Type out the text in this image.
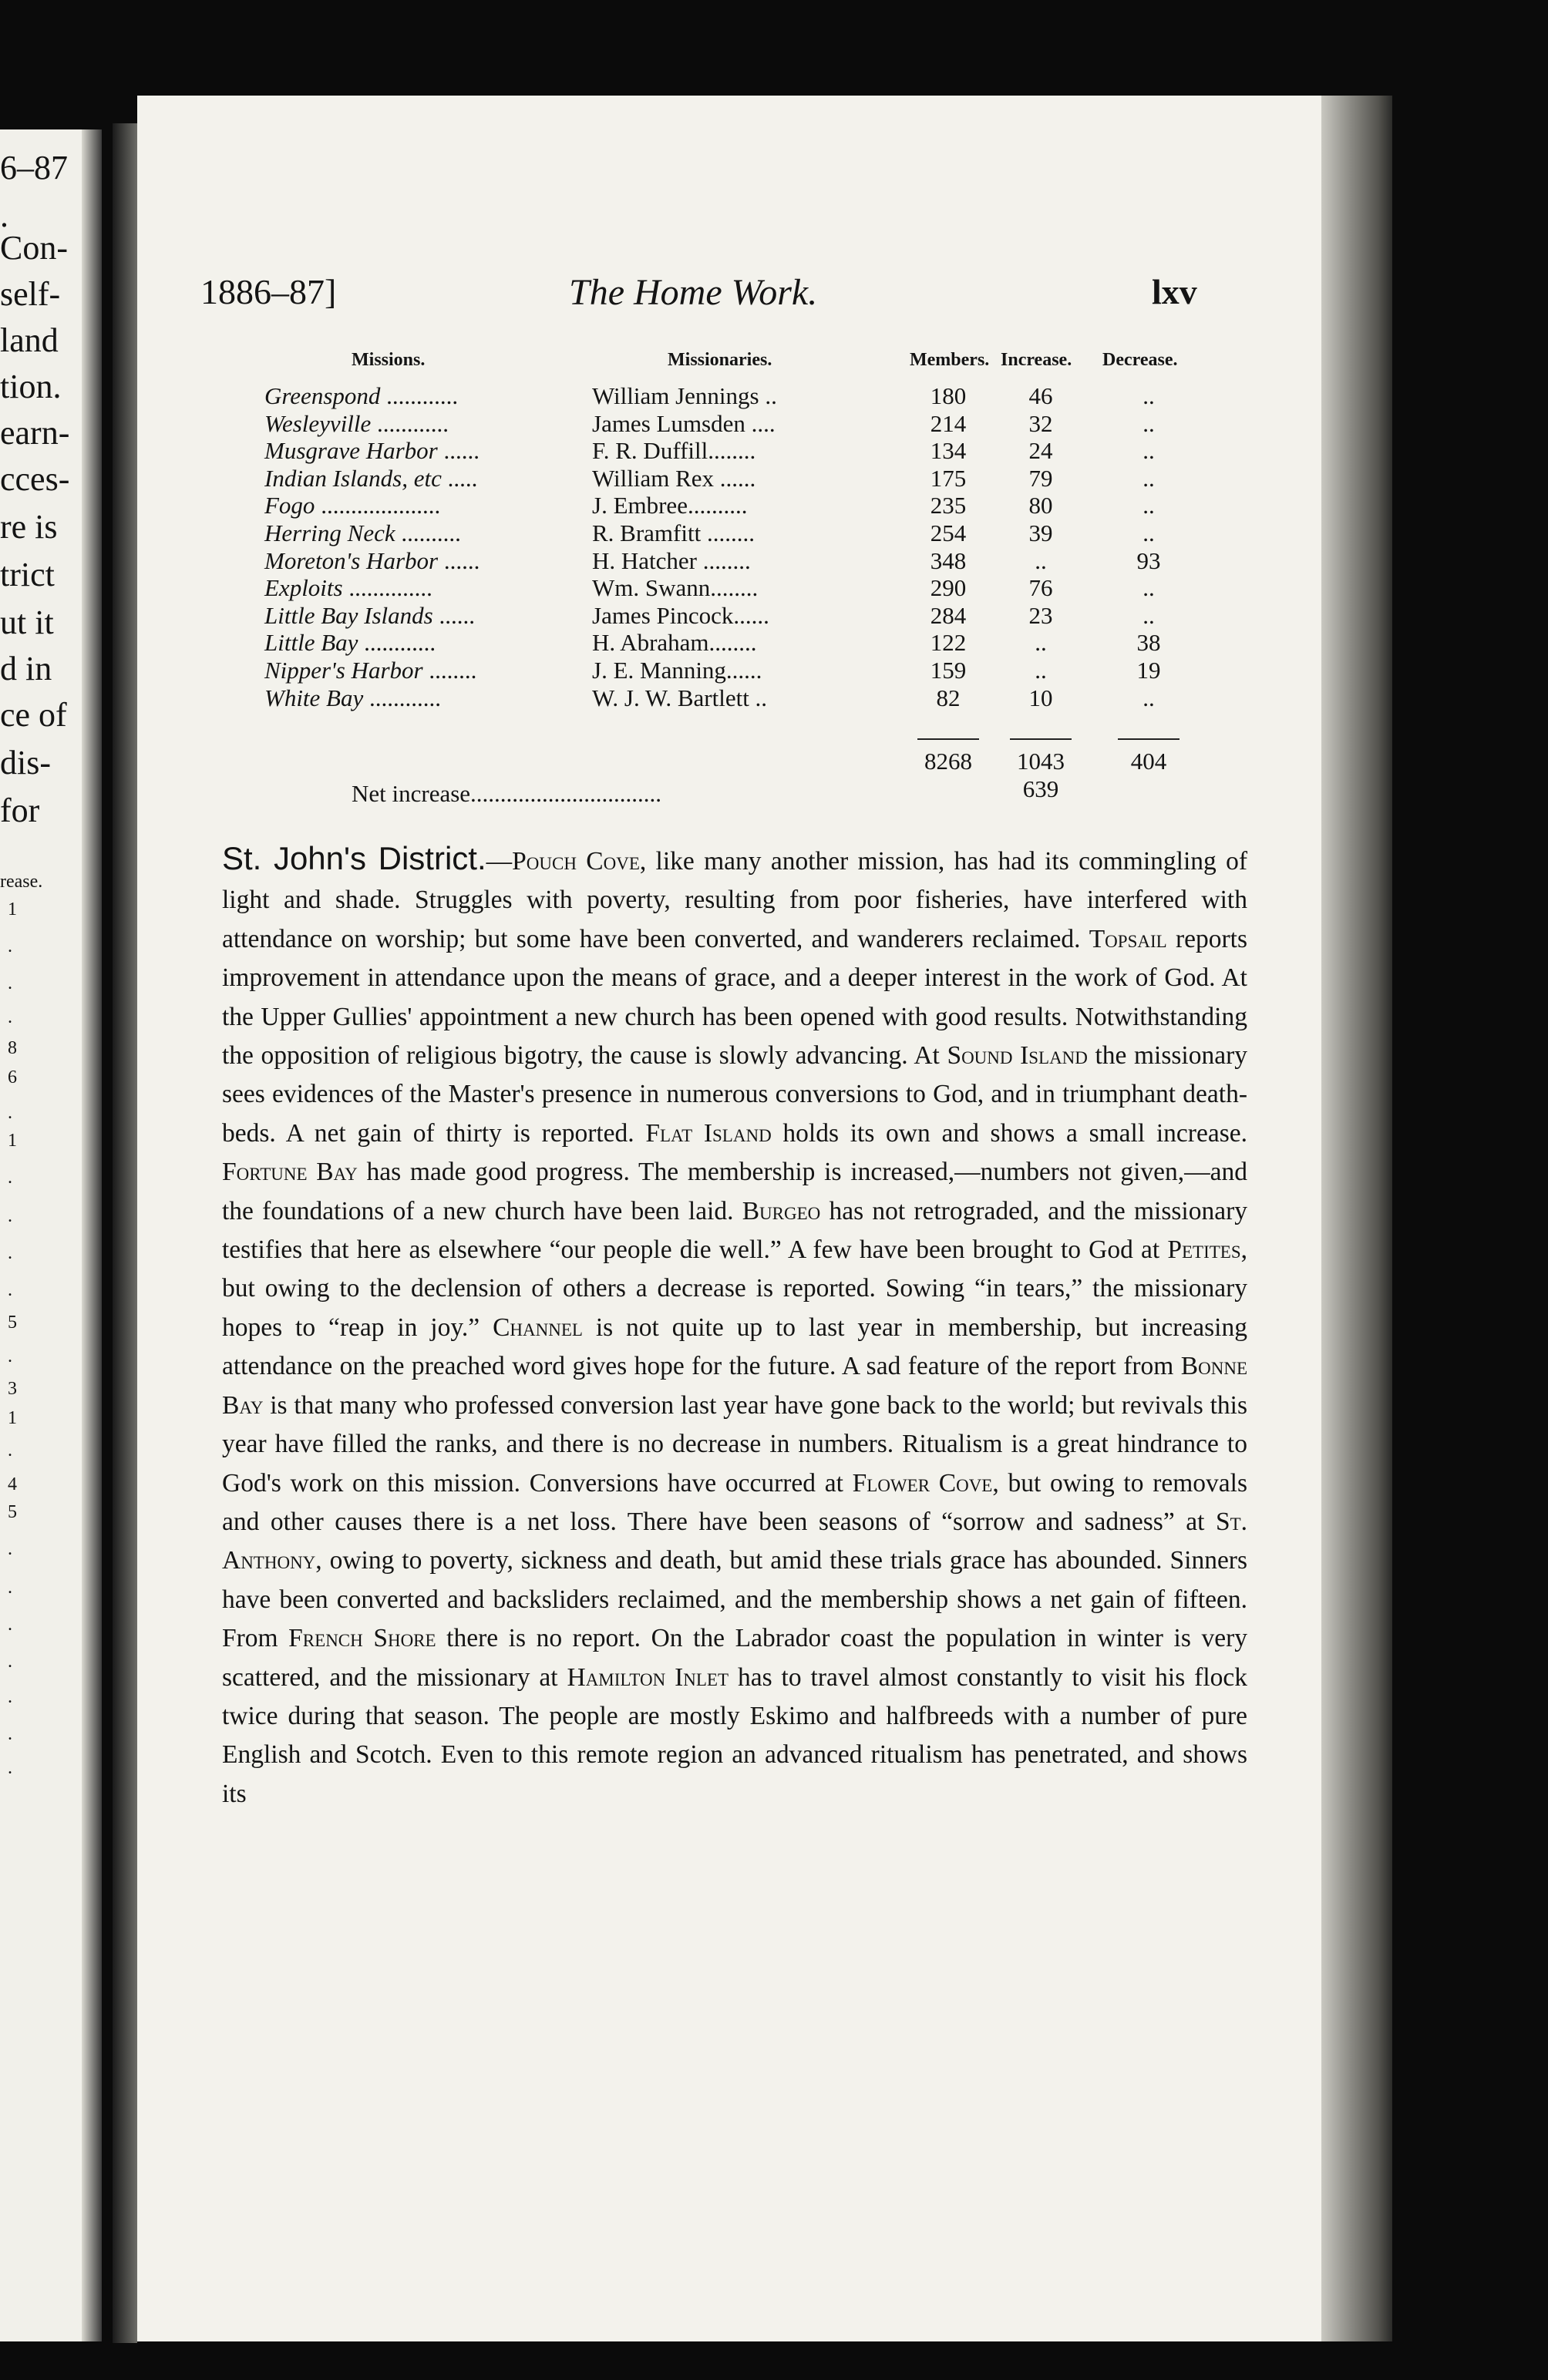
6–87
.
Con-
self-
land
tion.
earn-
cces-
re is
trict
ut it
d in
ce of
dis-
for
rease.
1
.
.
.
8
6
.
1
.
.
.
.
5
.
3
1
.
4
5
.
.
.
.
.
.
.
1886–87]	The Home Work.	lxv
Missions.	Missionaries.	Members. Increase. Decrease.
Greenspond ............	William Jennings ..	180	46	..
Wesleyville ............	James Lumsden ....	214	32	..
Musgrave Harbor ......	F. R. Duffill........	134	24	..
Indian Islands, etc .....	William Rex ......	175	79	..
Fogo ....................	J. Embree..........	235	80	..
Herring Neck ..........	R. Bramfitt ........	254	39	..
Moreton's Harbor ......	H. Hatcher ........	348	..	93
Exploits ..............	Wm. Swann........	290	76	..
Little Bay Islands ......	James Pincock......	284	23	..
Little Bay ............	H. Abraham........	122	..	38
Nipper's Harbor ........	J. E. Manning......	159	..	19
White Bay ............	W. J. W. Bartlett ..	82	10	..
8268 1043	404
Net increase................................	639
St. John's District.—Pouch Cove, like many another mission, has had its commingling of light and shade. Struggles with poverty, resulting from poor fisheries, have interfered with attendance on worship; but some have been converted, and wanderers reclaimed. Topsail reports improvement in attendance upon the means of grace, and a deeper interest in the work of God. At the Upper Gullies' appointment a new church has been opened with good results. Notwithstanding the opposition of religious bigotry, the cause is slowly advancing. At Sound Island the missionary sees evidences of the Master's presence in numerous conversions to God, and in triumphant death-beds. A net gain of thirty is reported. Flat Island holds its own and shows a small increase. Fortune Bay has made good progress. The membership is increased,—numbers not given,—and the foundations of a new church have been laid. Burgeo has not retrograded, and the missionary testifies that here as elsewhere “our people die well.” A few have been brought to God at Petites, but owing to the declension of others a decrease is reported. Sowing “in tears,” the missionary hopes to “reap in joy.” Channel is not quite up to last year in membership, but increasing attendance on the preached word gives hope for the future. A sad feature of the report from Bonne Bay is that many who professed conversion last year have gone back to the world; but revivals this year have filled the ranks, and there is no decrease in numbers. Ritualism is a great hindrance to God's work on this mission. Conversions have occurred at Flower Cove, but owing to removals and other causes there is a net loss. There have been seasons of “sorrow and sadness” at St. Anthony, owing to poverty, sickness and death, but amid these trials grace has abounded. Sinners have been converted and backsliders reclaimed, and the membership shows a net gain of fifteen. From French Shore there is no report. On the Labrador coast the population in winter is very scattered, and the missionary at Hamilton Inlet has to travel almost constantly to visit his flock twice during that season. The people are mostly Eskimo and halfbreeds with a number of pure English and Scotch. Even to this remote region an advanced ritualism has penetrated, and shows its
